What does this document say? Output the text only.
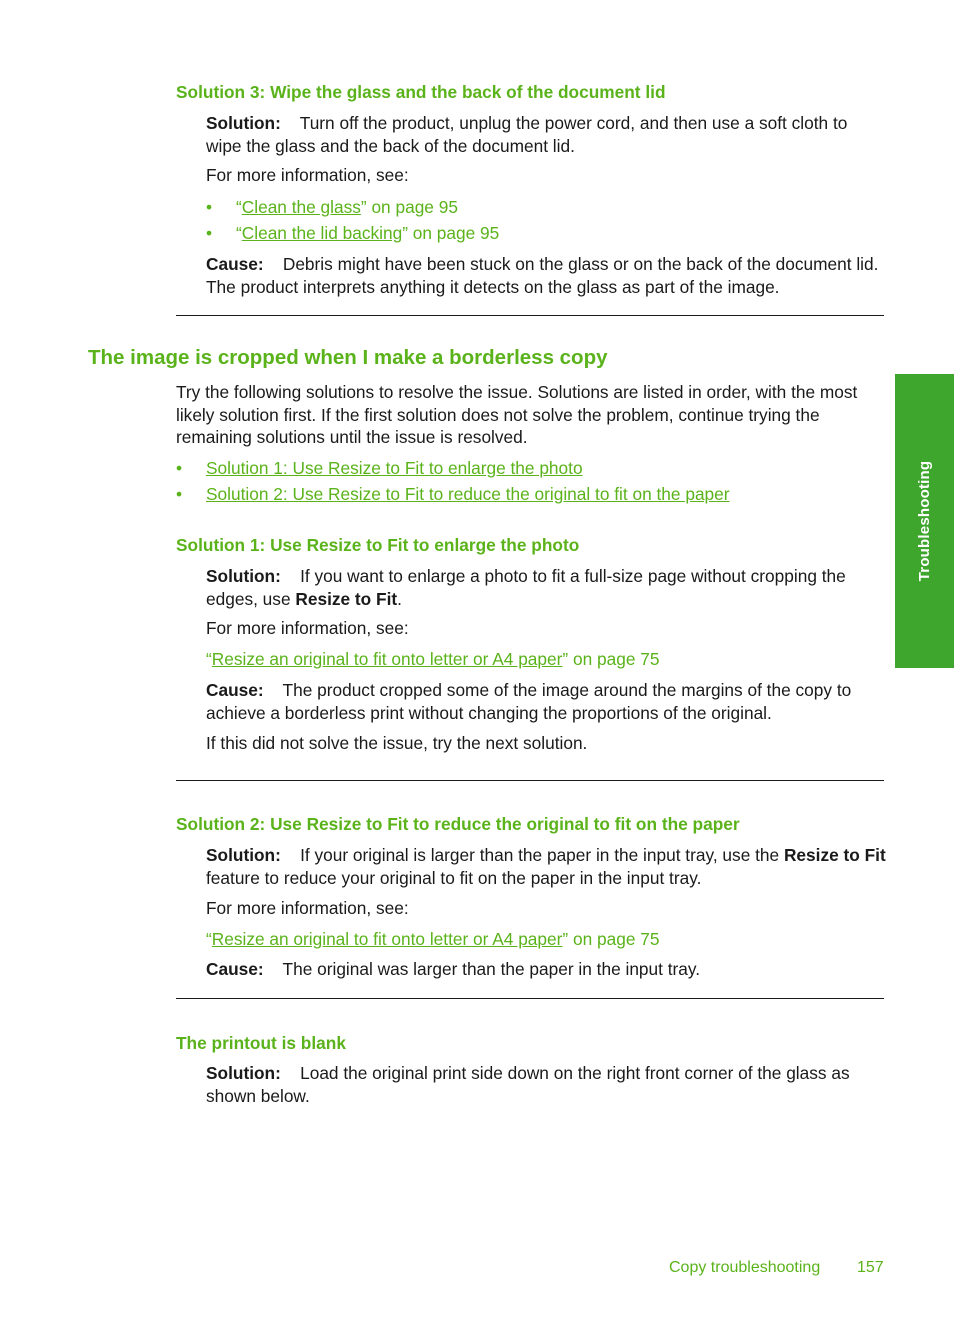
Solution 3: Wipe the glass and the back of the document lid
Solution: Turn off the product, unplug the power cord, and then use a soft cloth to wipe the glass and the back of the document lid.
For more information, see:
• “Clean the glass” on page 95
• “Clean the lid backing” on page 95
Cause: Debris might have been stuck on the glass or on the back of the document lid. The product interprets anything it detects on the glass as part of the image.
The image is cropped when I make a borderless copy
Try the following solutions to resolve the issue. Solutions are listed in order, with the most likely solution first. If the first solution does not solve the problem, continue trying the remaining solutions until the issue is resolved.
• Solution 1: Use Resize to Fit to enlarge the photo
• Solution 2: Use Resize to Fit to reduce the original to fit on the paper
Solution 1: Use Resize to Fit to enlarge the photo
Solution: If you want to enlarge a photo to fit a full-size page without cropping the edges, use Resize to Fit.
For more information, see:
“Resize an original to fit onto letter or A4 paper” on page 75
Cause: The product cropped some of the image around the margins of the copy to achieve a borderless print without changing the proportions of the original.
If this did not solve the issue, try the next solution.
Solution 2: Use Resize to Fit to reduce the original to fit on the paper
Solution: If your original is larger than the paper in the input tray, use the Resize to Fit feature to reduce your original to fit on the paper in the input tray.
For more information, see:
“Resize an original to fit onto letter or A4 paper” on page 75
Cause: The original was larger than the paper in the input tray.
The printout is blank
Solution: Load the original print side down on the right front corner of the glass as shown below.
Troubleshooting
Copy troubleshooting 157
